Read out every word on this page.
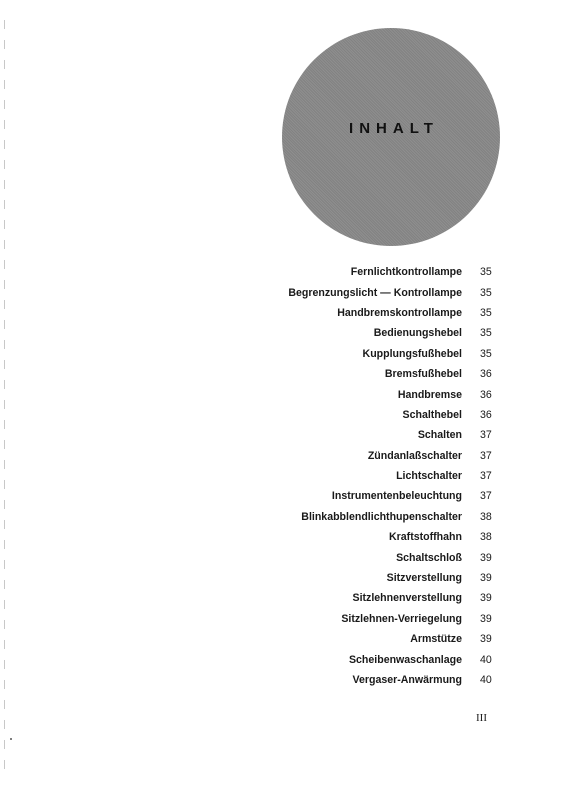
INHALT
Fernlichtkontrollampe	35
Begrenzungslicht — Kontrollampe	35
Handbremskontrollampe	35
Bedienungshebel	35
Kupplungsfußhebel	35
Bremsfußhebel	36
Handbremse	36
Schalthebel	36
Schalten	37
Zündanlaßschalter	37
Lichtschalter	37
Instrumentenbeleuchtung	37
Blinkabblendlichthupenschalter	38
Kraftstoffhahn	38
Schaltschloß	39
Sitzverstellung	39
Sitzlehnenverstellung	39
Sitzlehnen-Verriegelung	39
Armstütze	39
Scheibenwaschanlage	40
Vergaser-Anwärmung	40
III
